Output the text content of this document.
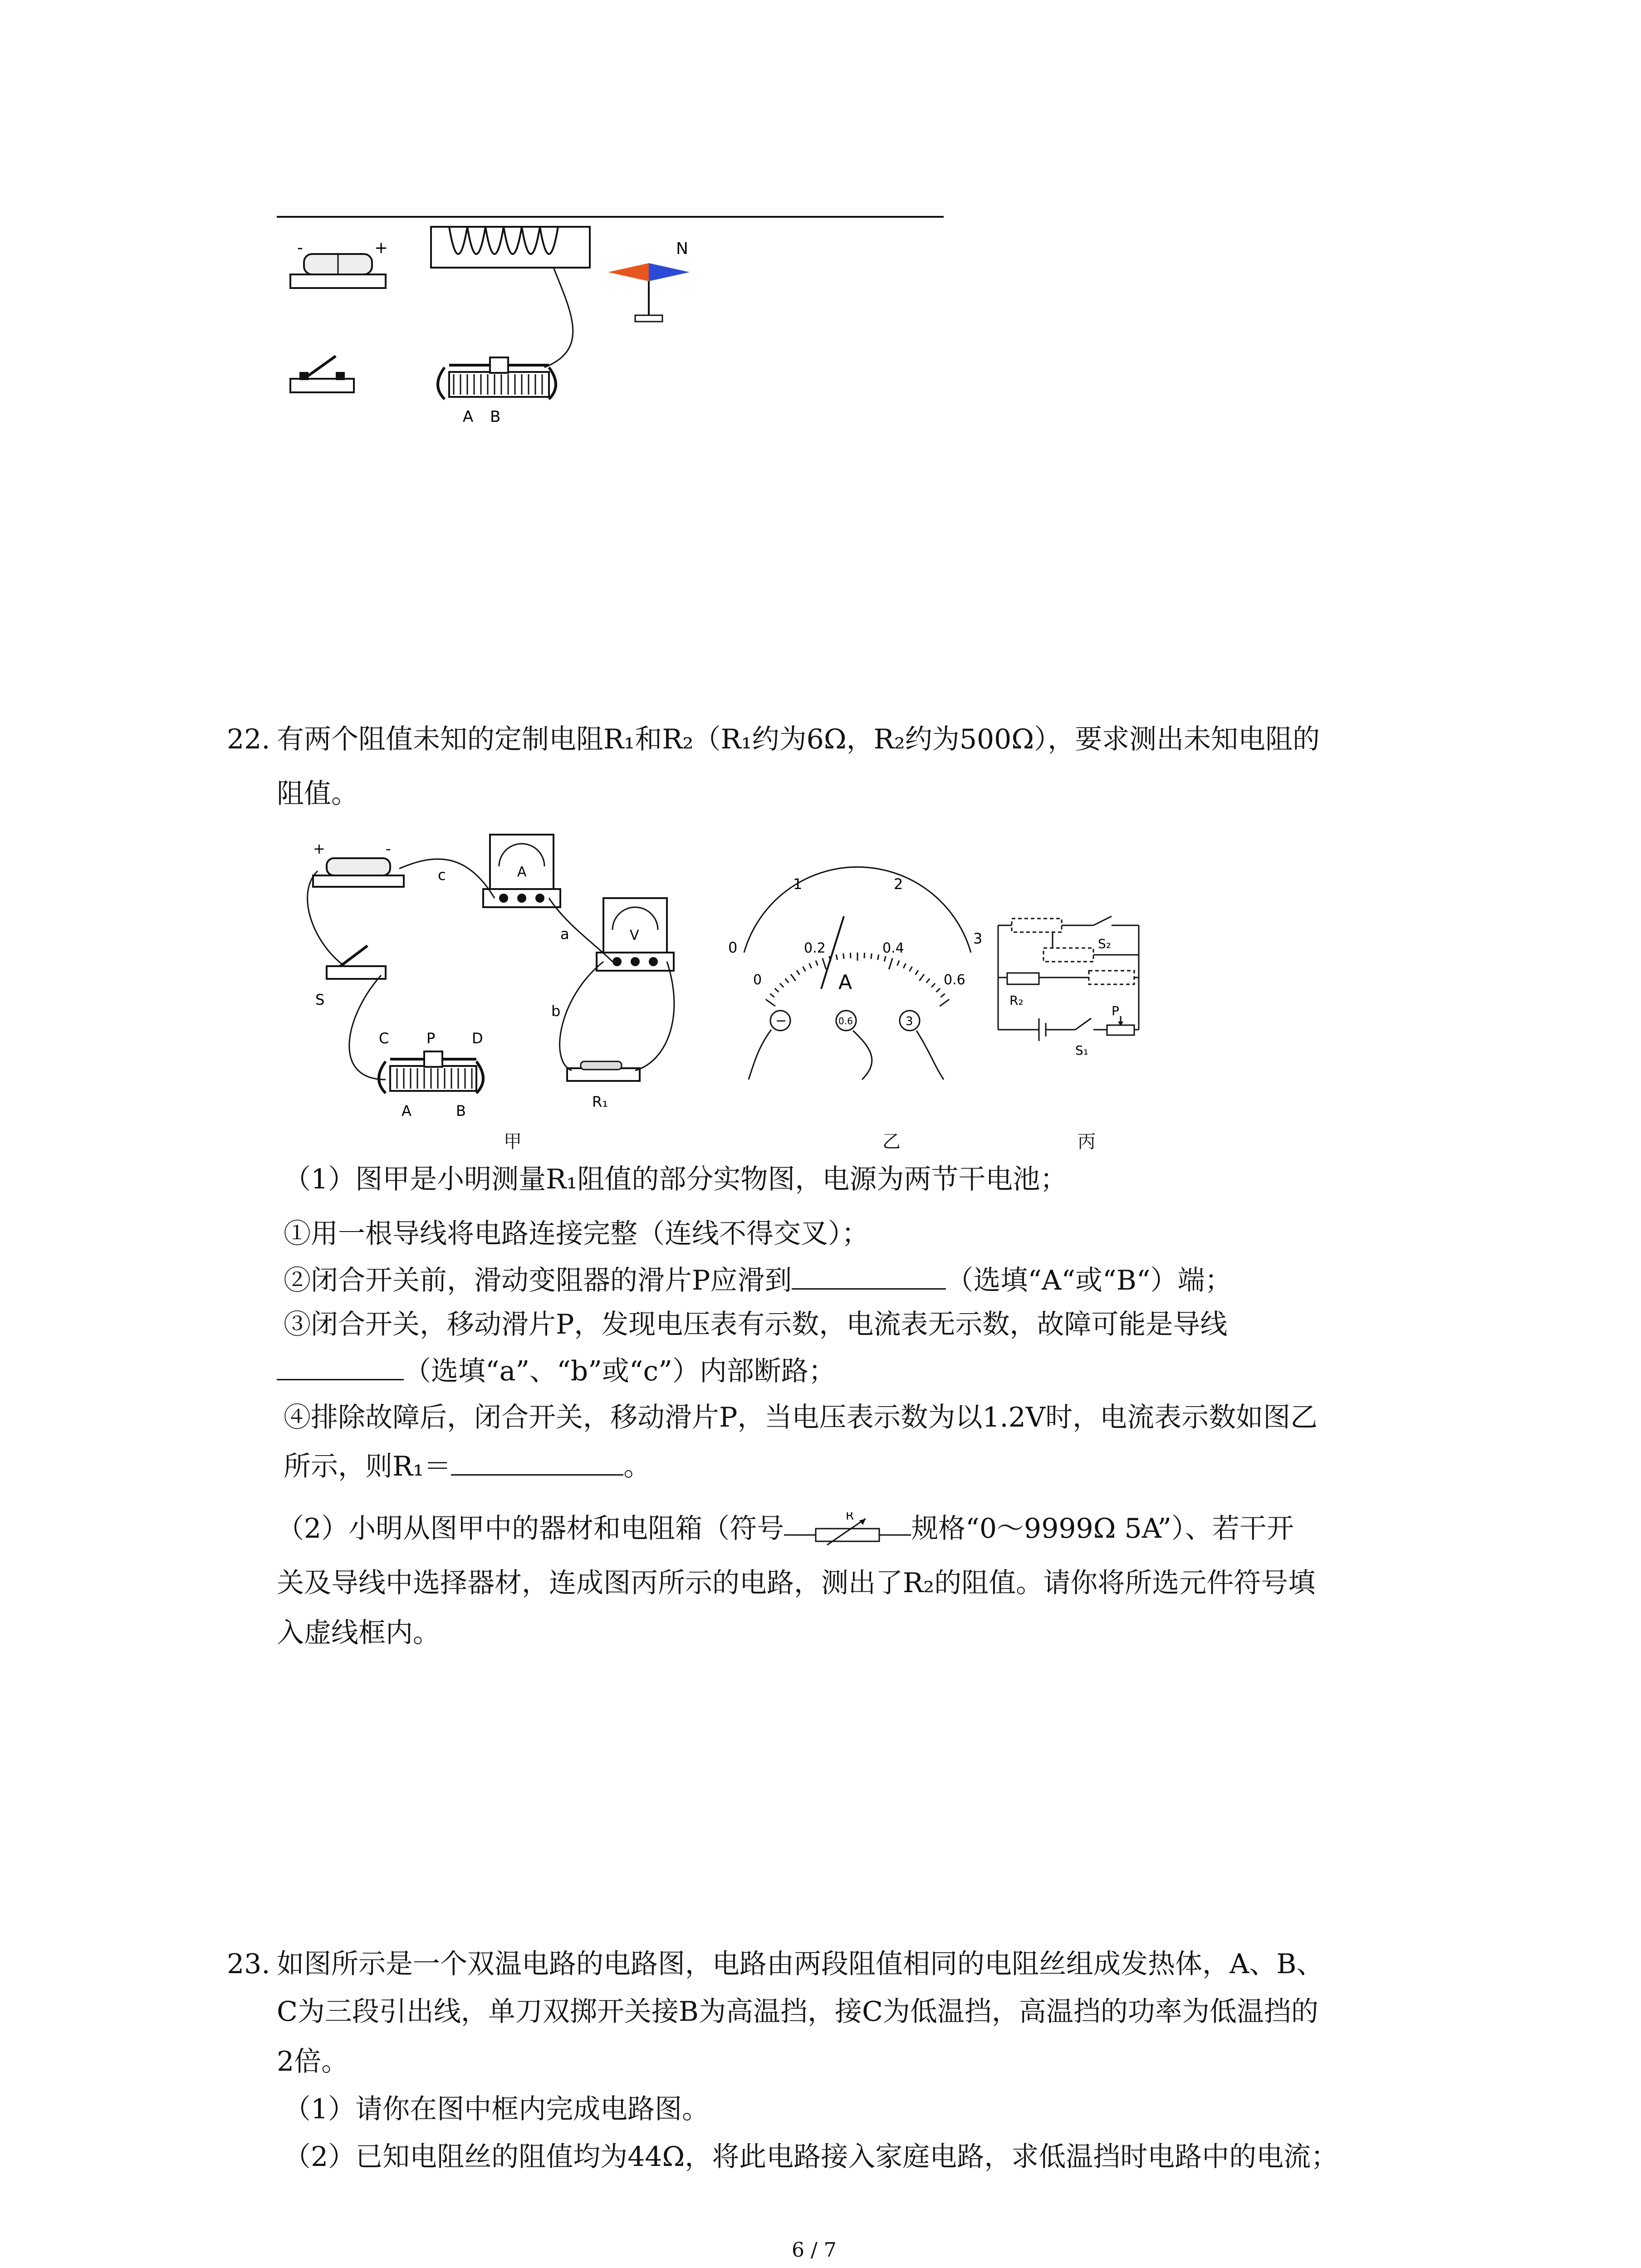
-	+	N
A B
22. 有两个阻值未知的定制电阻R₁和R₂（R₁约为6Ω，R₂约为500Ω），要求测出未知电阻的
阻值。
+	-
A
V
S
C	P	D
A	B
R₁
c
a
b
0
1	2
3
0
0.2	0.4
0.6
A
−	0.6	3
S₂
R₂
P
S₁
甲	乙	丙
（1）图甲是小明测量R₁阻值的部分实物图，电源为两节干电池；
①用一根导线将电路连接完整（连线不得交叉）；
②闭合开关前，滑动变阻器的滑片P应滑到	（选填“A“或“B“）端；
③闭合开关，移动滑片P，发现电压表有示数，电流表无示数，故障可能是导线
（选填“a”、“b”或“c”）内部断路；
④排除故障后，闭合开关，移动滑片P，当电压表示数为以1.2V时，电流表示数如图乙
所示，则R₁＝	。
（2）小明从图甲中的器材和电阻箱（符号	R 规格“0～9999Ω 5A”）、若干开
关及导线中选择器材，连成图丙所示的电路，测出了R₂的阻值。请你将所选元件符号填
入虚线框内。
23. 如图所示是一个双温电路的电路图，电路由两段阻值相同的电阻丝组成发热体，A、B、
C为三段引出线，单刀双掷开关接B为高温挡，接C为低温挡，高温挡的功率为低温挡的
2倍。
（1）请你在图中框内完成电路图。
（2）已知电阻丝的阻值均为44Ω，将此电路接入家庭电路，求低温挡时电路中的电流；
6 / 7
